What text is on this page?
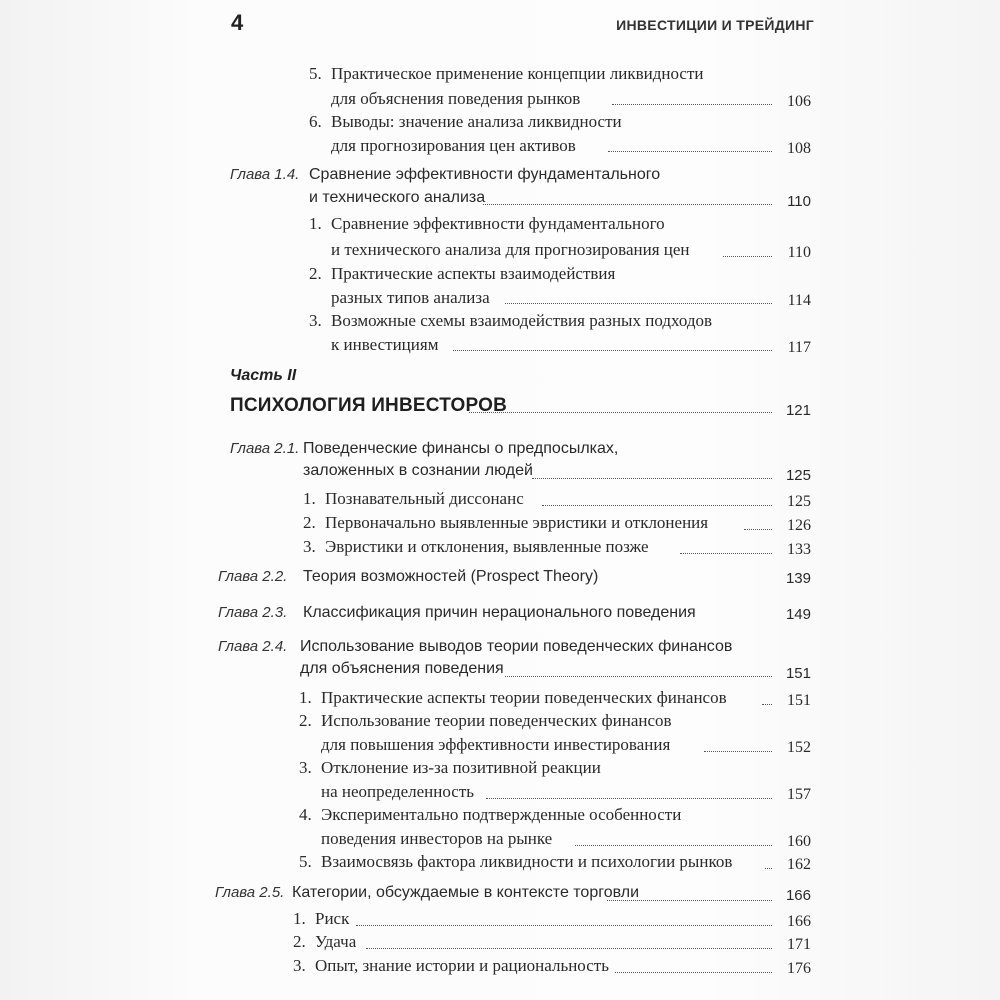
4	ИНВЕСТИЦИИ И ТРЕЙДИНГ
5. Практическое применение концепции ликвидности
для объяснения поведения рынков	106
6. Выводы: значение анализа ликвидности
для прогнозирования цен активов	108
Глава 1.4. Сравнение эффективности фундаментального
и технического анализа	110
1. Сравнение эффективности фундаментального
и технического анализа для прогнозирования цен	110
2. Практические аспекты взаимодействия
разных типов анализа	114
3. Возможные схемы взаимодействия разных подходов
к инвестициям	117
Часть II
ПСИХОЛОГИЯ ИНВЕСТОРОВ	121
Глава 2.1. Поведенческие финансы о предпосылках,
заложенных в сознании людей	125
1. Познавательный диссонанс	125
2. Первоначально выявленные эвристики и отклонения	126
3. Эвристики и отклонения, выявленные позже	133
Глава 2.2. Теория возможностей (Prospect Theory)	139
Глава 2.3. Классификация причин нерационального поведения	149
Глава 2.4. Использование выводов теории поведенческих финансов
для объяснения поведения	151
1. Практические аспекты теории поведенческих финансов	151
2. Использование теории поведенческих финансов
для повышения эффективности инвестирования	152
3. Отклонение из-за позитивной реакции
на неопределенность	157
4. Экспериментально подтвержденные особенности
поведения инвесторов на рынке	160
5. Взаимосвязь фактора ликвидности и психологии рынков	162
Глава 2.5. Категории, обсуждаемые в контексте торговли	166
1. Риск	166
2. Удача	171
3. Опыт, знание истории и рациональность	176
